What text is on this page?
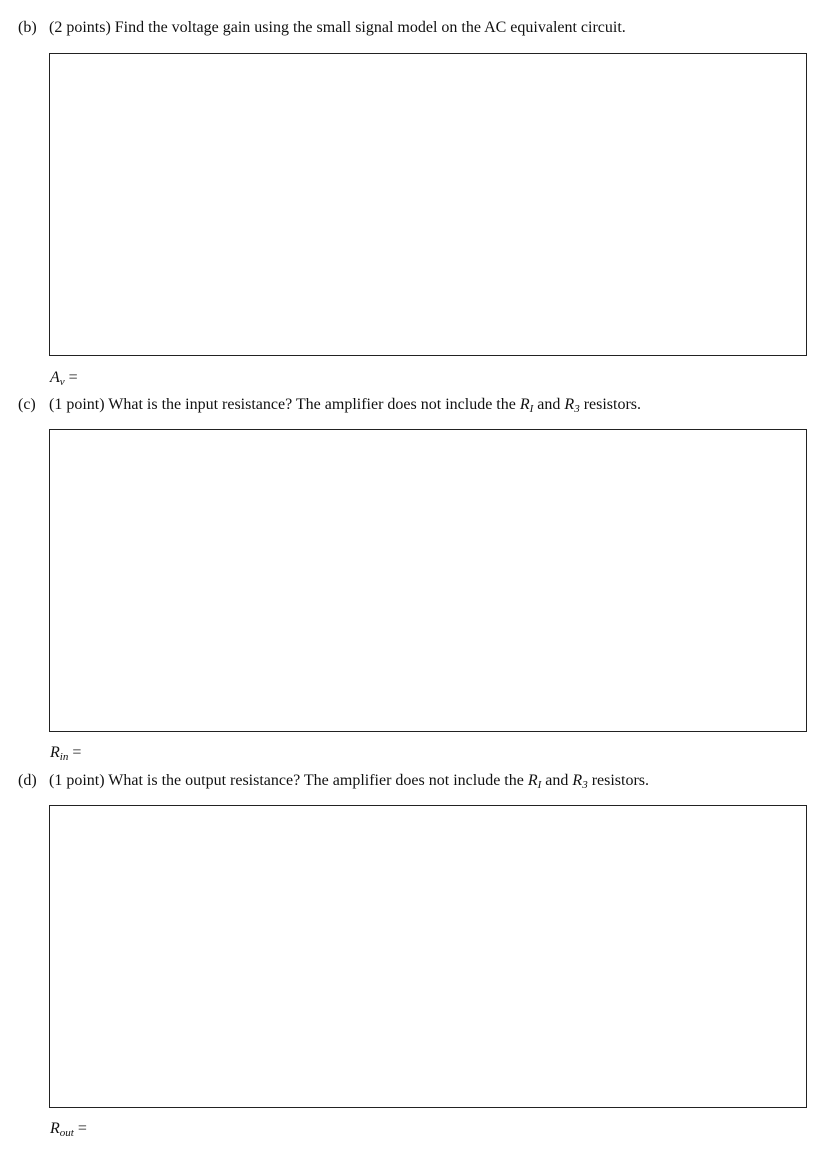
(b) (2 points) Find the voltage gain using the small signal model on the AC equivalent circuit.
$A_v$ =
(c) (1 point) What is the input resistance? The amplifier does not include the $R_I$ and $R_3$ resistors.
$R_{in}$ =
(d) (1 point) What is the output resistance? The amplifier does not include the $R_I$ and $R_3$ resistors.
$R_{out}$ =
